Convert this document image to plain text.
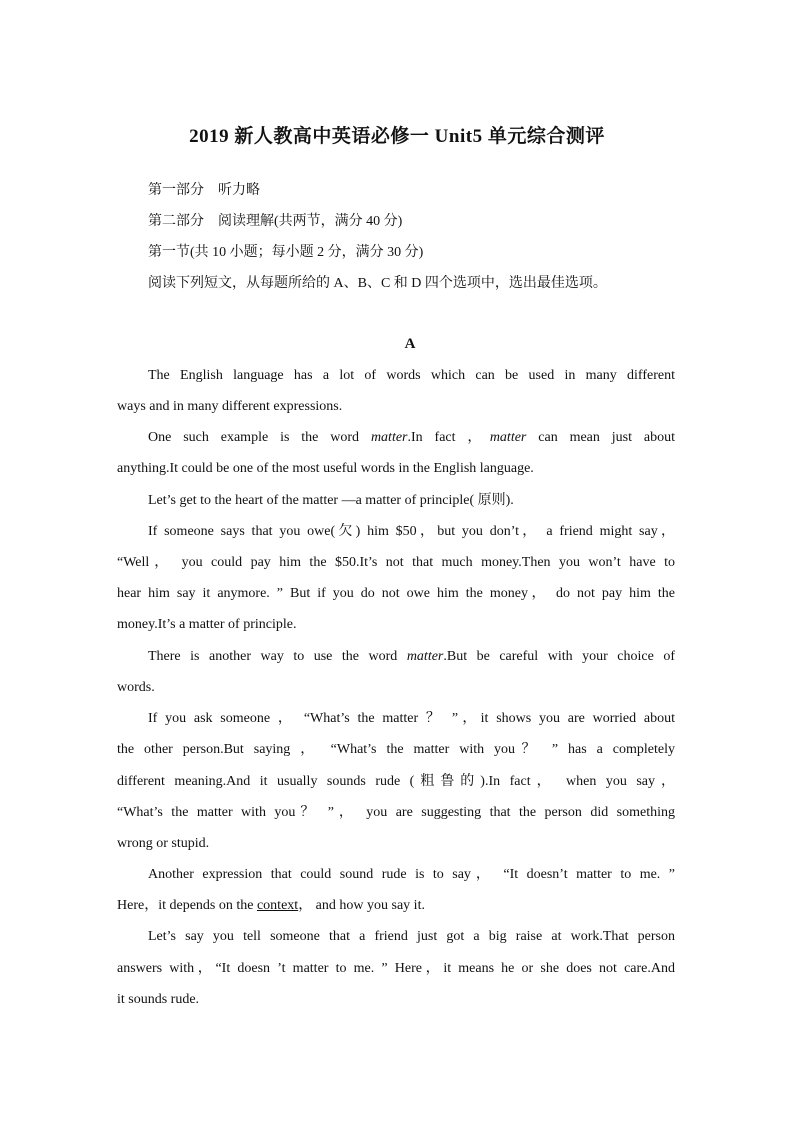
2019 新人教高中英语必修一 Unit5 单元综合测评
第一部分　听力略
第二部分　阅读理解(共两节，满分 40 分)
第一节(共 10 小题；每小题 2 分，满分 30 分)
阅读下列短文，从每题所给的 A、B、C 和 D 四个选项中，选出最佳选项。
A
The English language has a lot of words which can be used in many different
ways and in many different expressions.
One such example is the word matter.In fact ，matter can mean just about
anything.It could be one of the most useful words in the English language.
Let’s get to the heart of the matter —a matter of principle( 原则).
If someone says that you owe(欠) him $50，but you don’t， a friend might say，
“Well， you could pay him the $50.It’s not that much money.Then you won’t have to
hear him say it anymore. ” But if you do not owe him the money， do not pay him the
money.It’s a matter of principle.
There is another way to use the word matter.But be careful with your choice of
words.
If you ask someone ， “What’s the matter ？ ”，it shows you are worried about
the other person.But saying ， “What’s the matter with you？ ” has a completely
different meaning.And it usually sounds rude (粗鲁的).In fact， when you say，
“What’s the matter with you？ ”， you are suggesting that the person did something
wrong or stupid.
Another expression that could sound rude is to say， “It doesn’t matter to me. ”
Here，it depends on the context， and how you say it.
Let’s say you tell someone that a friend just got a big raise at work.That person
answers with，“It doesn ’t matter to me. ” Here，it means he or she does not care.And
it sounds rude.
